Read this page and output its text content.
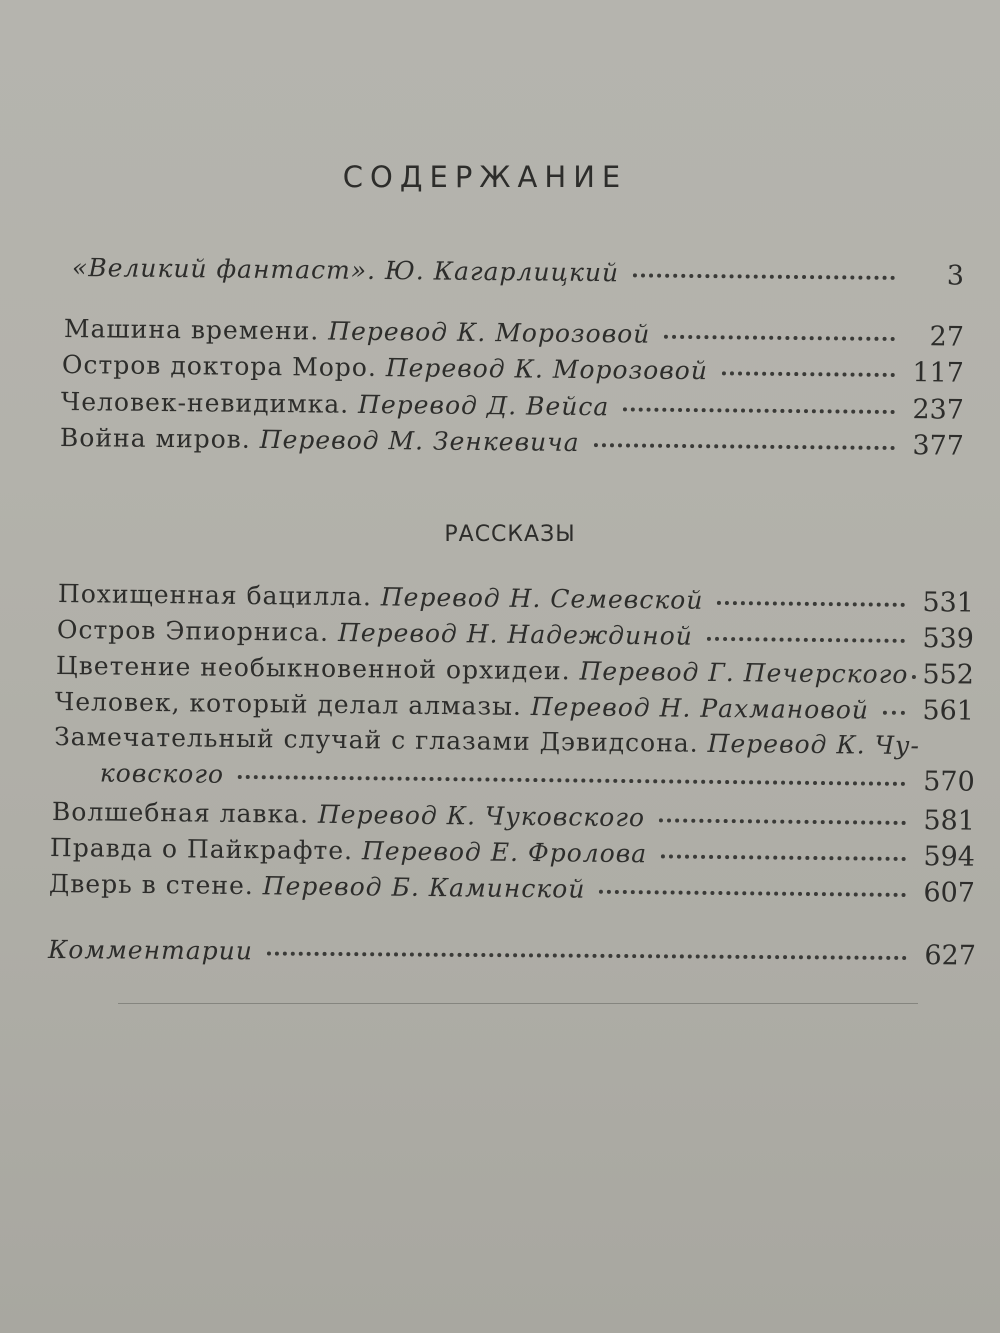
СОДЕРЖАНИЕ
«Великий фантаст». Ю. Кагарлицкий	3
Машина времени. Перевод К. Морозовой	27
Остров доктора Моро. Перевод К. Морозовой	117
Человек-невидимка. Перевод Д. Вейса	237
Война миров. Перевод М. Зенкевича	377
РАССКАЗЫ
Похищенная бацилла. Перевод Н. Семевской	531
Остров Эпиорниса. Перевод Н. Надеждиной	539
Цветение необыкновенной орхидеи. Перевод Г. Печерского 552
Человек, который делал алмазы. Перевод Н. Рахмановой 561
Замечательный случай с глазами Дэвидсона. Перевод К. Чу-
ковского	570
Волшебная лавка. Перевод К. Чуковского	581
Правда о Пайкрафте. Перевод Е. Фролова	594
Дверь в стене. Перевод Б. Каминской	607
Комментарии	627
